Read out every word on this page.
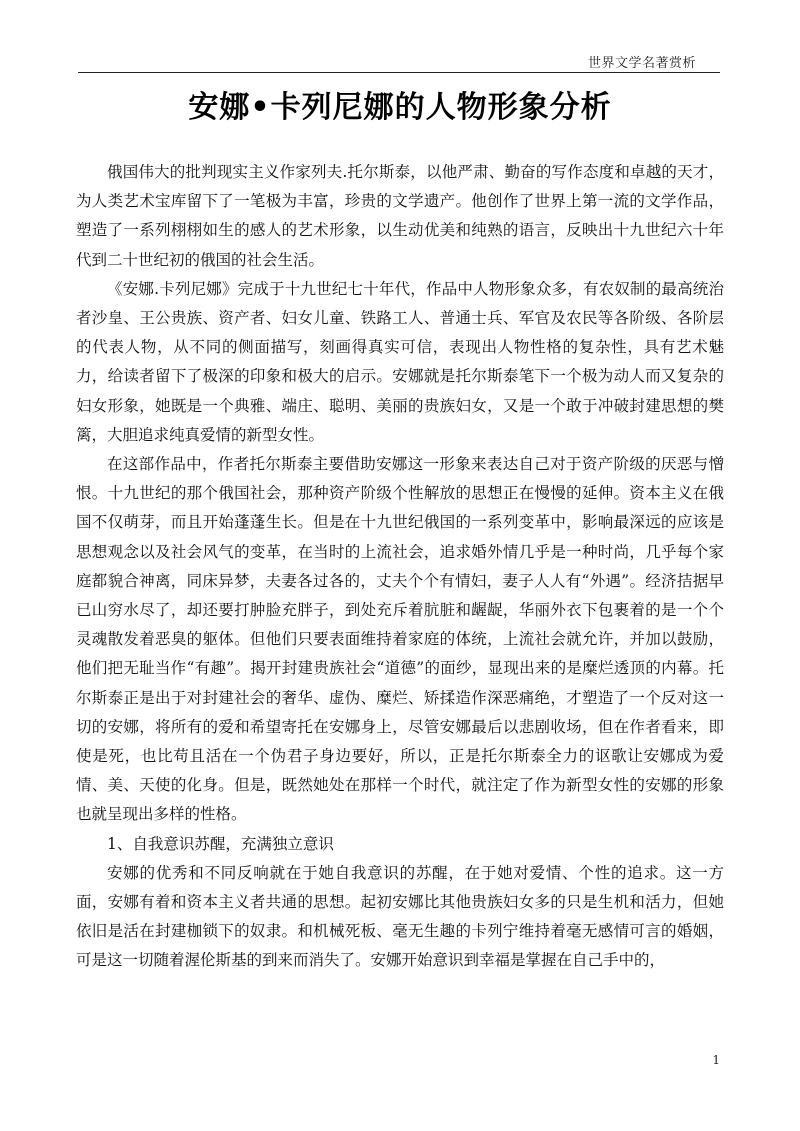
世界文学名著赏析
安娜•卡列尼娜的人物形象分析

俄国伟大的批判现实主义作家列夫.托尔斯泰，以他严肃、勤奋的写作态度和卓越的天才，为人类艺术宝库留下了一笔极为丰富，珍贵的文学遗产。他创作了世界上第一流的文学作品，塑造了一系列栩栩如生的感人的艺术形象，以生动优美和纯熟的语言，反映出十九世纪六十年代到二十世纪初的俄国的社会生活。

《安娜.卡列尼娜》完成于十九世纪七十年代，作品中人物形象众多，有农奴制的最高统治者沙皇、王公贵族、资产者、妇女儿童、铁路工人、普通士兵、军官及农民等各阶级、各阶层的代表人物，从不同的侧面描写，刻画得真实可信，表现出人物性格的复杂性，具有艺术魅力，给读者留下了极深的印象和极大的启示。安娜就是托尔斯泰笔下一个极为动人而又复杂的妇女形象，她既是一个典雅、端庄、聪明、美丽的贵族妇女，又是一个敢于冲破封建思想的樊篱，大胆追求纯真爱情的新型女性。

在这部作品中，作者托尔斯泰主要借助安娜这一形象来表达自己对于资产阶级的厌恶与憎恨。十九世纪的那个俄国社会，那种资产阶级个性解放的思想正在慢慢的延伸。资本主义在俄国不仅萌芽，而且开始蓬蓬生长。但是在十九世纪俄国的一系列变革中，影响最深远的应该是思想观念以及社会风气的变革，在当时的上流社会，追求婚外情几乎是一种时尚，几乎每个家庭都貌合神离，同床异梦，夫妻各过各的，丈夫个个有情妇，妻子人人有“外遇”。经济拮据早已山穷水尽了，却还要打肿脸充胖子，到处充斥着肮脏和龌龊，华丽外衣下包裹着的是一个个灵魂散发着恶臭的躯体。但他们只要表面维持着家庭的体统，上流社会就允许，并加以鼓励，他们把无耻当作“有趣”。揭开封建贵族社会“道德”的面纱，显现出来的是糜烂透顶的内幕。托尔斯泰正是出于对封建社会的奢华、虚伪、糜烂、矫揉造作深恶痛绝，才塑造了一个反对这一切的安娜，将所有的爱和希望寄托在安娜身上，尽管安娜最后以悲剧收场，但在作者看来，即使是死，也比苟且活在一个伪君子身边要好，所以，正是托尔斯泰全力的讴歌让安娜成为爱情、美、天使的化身。但是，既然她处在那样一个时代，就注定了作为新型女性的安娜的形象也就呈现出多样的性格。

1、自我意识苏醒，充满独立意识

安娜的优秀和不同反响就在于她自我意识的苏醒，在于她对爱情、个性的追求。这一方面，安娜有着和资本主义者共通的思想。起初安娜比其他贵族妇女多的只是生机和活力，但她依旧是活在封建枷锁下的奴隶。和机械死板、毫无生趣的卡列宁维持着毫无感情可言的婚姻，可是这一切随着渥伦斯基的到来而消失了。安娜开始意识到幸福是掌握在自己手中的，

1
